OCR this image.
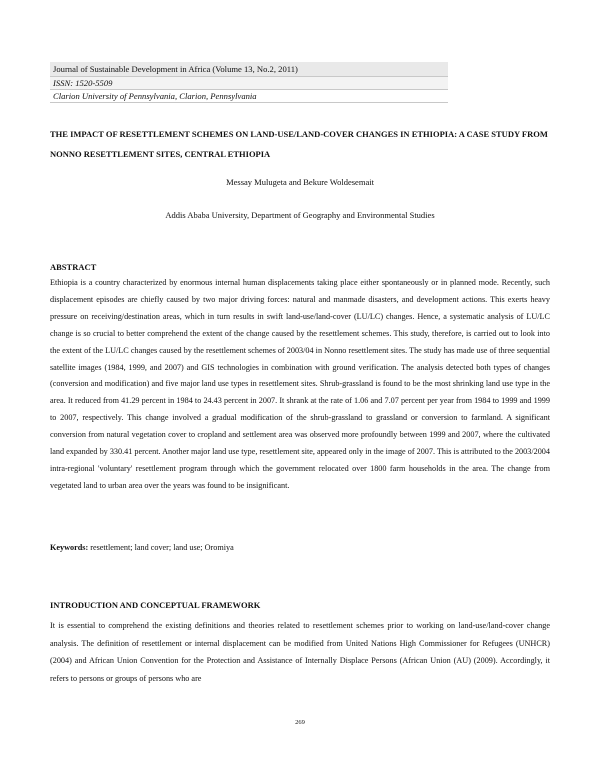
Journal of Sustainable Development in Africa (Volume 13, No.2, 2011)
ISSN: 1520-5509
Clarion University of Pennsylvania, Clarion, Pennsylvania
THE IMPACT OF RESETTLEMENT SCHEMES ON LAND-USE/LAND-COVER CHANGES IN ETHIOPIA: A CASE STUDY FROM NONNO RESETTLEMENT SITES, CENTRAL ETHIOPIA
Messay Mulugeta and Bekure Woldesemait
Addis Ababa University, Department of Geography and Environmental Studies
ABSTRACT

Ethiopia is a country characterized by enormous internal human displacements taking place either spontaneously or in planned mode. Recently, such displacement episodes are chiefly caused by two major driving forces: natural and manmade disasters, and development actions. This exerts heavy pressure on receiving/destination areas, which in turn results in swift land-use/land-cover (LU/LC) changes. Hence, a systematic analysis of LU/LC change is so crucial to better comprehend the extent of the change caused by the resettlement schemes. This study, therefore, is carried out to look into the extent of the LU/LC changes caused by the resettlement schemes of 2003/04 in Nonno resettlement sites. The study has made use of three sequential satellite images (1984, 1999, and 2007) and GIS technologies in combination with ground verification. The analysis detected both types of changes (conversion and modification) and five major land use types in resettlement sites. Shrub-grassland is found to be the most shrinking land use type in the area. It reduced from 41.29 percent in 1984 to 24.43 percent in 2007. It shrank at the rate of 1.06 and 7.07 percent per year from 1984 to 1999 and 1999 to 2007, respectively. This change involved a gradual modification of the shrub-grassland to grassland or conversion to farmland. A significant conversion from natural vegetation cover to cropland and settlement area was observed more profoundly between 1999 and 2007, where the cultivated land expanded by 330.41 percent. Another major land use type, resettlement site, appeared only in the image of 2007. This is attributed to the 2003/2004 intra-regional 'voluntary' resettlement program through which the government relocated over 1800 farm households in the area. The change from vegetated land to urban area over the years was found to be insignificant.

Keywords: resettlement; land cover; land use; Oromiya
INTRODUCTION AND CONCEPTUAL FRAMEWORK

It is essential to comprehend the existing definitions and theories related to resettlement schemes prior to working on land-use/land-cover change analysis. The definition of resettlement or internal displacement can be modified from United Nations High Commissioner for Refugees (UNHCR) (2004) and African Union Convention for the Protection and Assistance of Internally Displace Persons (African Union (AU) (2009). Accordingly, it refers to persons or groups of persons who are

269
